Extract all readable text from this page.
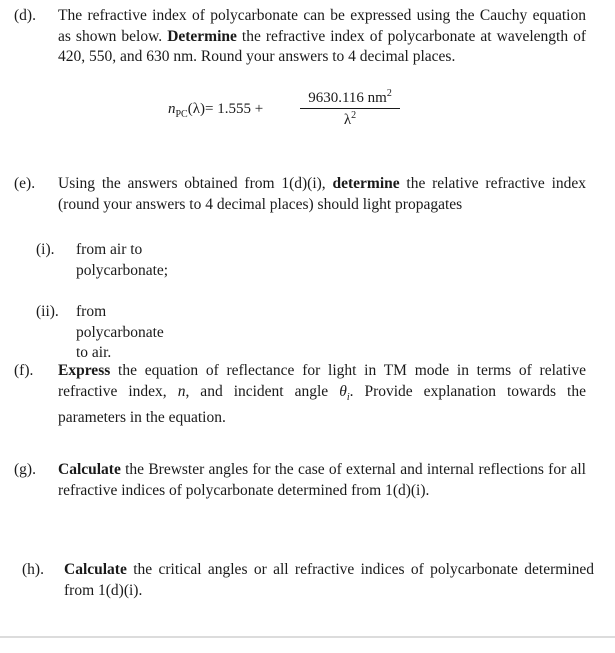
(d). The refractive index of polycarbonate can be expressed using the Cauchy equation as shown below. Determine the refractive index of polycarbonate at wavelength of 420, 550, and 630 nm. Round your answers to 4 decimal places.
$n_{PC}(\lambda)= 1.555 + \frac{9630.116 nm^2}{\lambda^2}$
(e). Using the answers obtained from 1(d)(i), determine the relative refractive index (round your answers to 4 decimal places) should light propagates
(i). from air to polycarbonate;
(ii). from polycarbonate to air.
(f). Express the equation of reflectance for light in TM mode in terms of relative refractive index, n, and incident angle $\theta_i$. Provide explanation towards the parameters in the equation.
(g). Calculate the Brewster angles for the case of external and internal reflections for all refractive indices of polycarbonate determined from 1(d)(i).
(h). Calculate the critical angles or all refractive indices of polycarbonate determined from 1(d)(i).
